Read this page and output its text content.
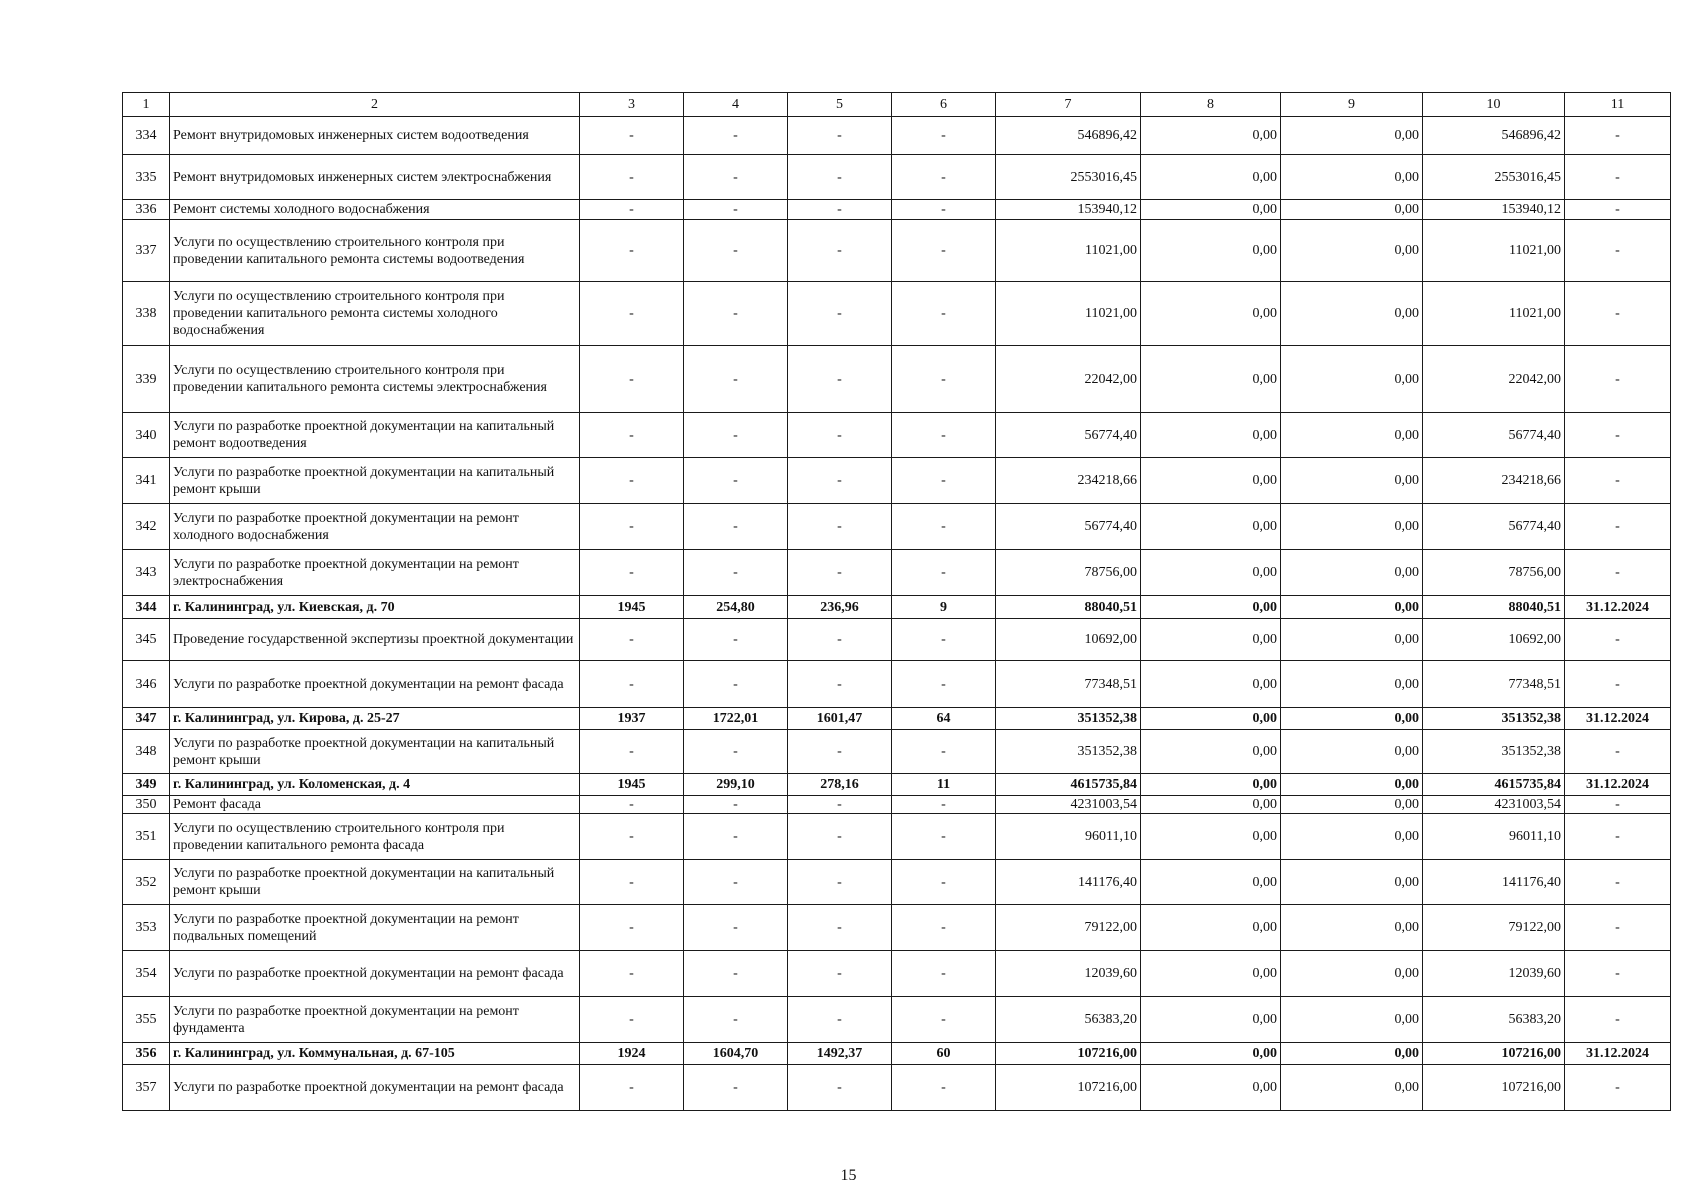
1	2	3	4	5	6	7	8	9	10	11
334	Ремонт внутридомовых инженерных систем водоотведения	-	-	-	-	546896,42	0,00	0,00	546896,42	-
335	Ремонт внутридомовых инженерных систем электроснабжения	-	-	-	-	2553016,45	0,00	0,00	2553016,45	-
336	Ремонт системы холодного водоснабжения	-	-	-	-	153940,12	0,00	0,00	153940,12	-
337	Услуги по осуществлению строительного контроля при проведении капитального ремонта системы водоотведения	-	-	-	-	11021,00	0,00	0,00	11021,00	-
338	Услуги по осуществлению строительного контроля при проведении капитального ремонта системы холодного водоснабжения	-	-	-	-	11021,00	0,00	0,00	11021,00	-
339	Услуги по осуществлению строительного контроля при проведении капитального ремонта системы электроснабжения	-	-	-	-	22042,00	0,00	0,00	22042,00	-
340	Услуги по разработке проектной документации на капитальный ремонт водоотведения	-	-	-	-	56774,40	0,00	0,00	56774,40	-
341	Услуги по разработке проектной документации на капитальный ремонт крыши	-	-	-	-	234218,66	0,00	0,00	234218,66	-
342	Услуги по разработке проектной документации на ремонт холодного водоснабжения	-	-	-	-	56774,40	0,00	0,00	56774,40	-
343	Услуги по разработке проектной документации на ремонт электроснабжения	-	-	-	-	78756,00	0,00	0,00	78756,00	-
344	г. Калининград, ул. Киевская, д. 70	1945	254,80	236,96	9	88040,51	0,00	0,00	88040,51	31.12.2024
345	Проведение государственной экспертизы проектной документации	-	-	-	-	10692,00	0,00	0,00	10692,00	-
346	Услуги по разработке проектной документации на ремонт фасада	-	-	-	-	77348,51	0,00	0,00	77348,51	-
347	г. Калининград, ул. Кирова, д. 25-27	1937	1722,01	1601,47	64	351352,38	0,00	0,00	351352,38	31.12.2024
348	Услуги по разработке проектной документации на капитальный ремонт крыши	-	-	-	-	351352,38	0,00	0,00	351352,38	-
349	г. Калининград, ул. Коломенская, д. 4	1945	299,10	278,16	11	4615735,84	0,00	0,00	4615735,84	31.12.2024
350	Ремонт фасада	-	-	-	-	4231003,54	0,00	0,00	4231003,54	-
351	Услуги по осуществлению строительного контроля при проведении капитального ремонта фасада	-	-	-	-	96011,10	0,00	0,00	96011,10	-
352	Услуги по разработке проектной документации на капитальный ремонт крыши	-	-	-	-	141176,40	0,00	0,00	141176,40	-
353	Услуги по разработке проектной документации на ремонт подвальных помещений	-	-	-	-	79122,00	0,00	0,00	79122,00	-
354	Услуги по разработке проектной документации на ремонт фасада	-	-	-	-	12039,60	0,00	0,00	12039,60	-
355	Услуги по разработке проектной документации на ремонт фундамента	-	-	-	-	56383,20	0,00	0,00	56383,20	-
356	г. Калининград, ул. Коммунальная, д. 67-105	1924	1604,70	1492,37	60	107216,00	0,00	0,00	107216,00	31.12.2024
357	Услуги по разработке проектной документации на ремонт фасада	-	-	-	-	107216,00	0,00	0,00	107216,00	-
15
